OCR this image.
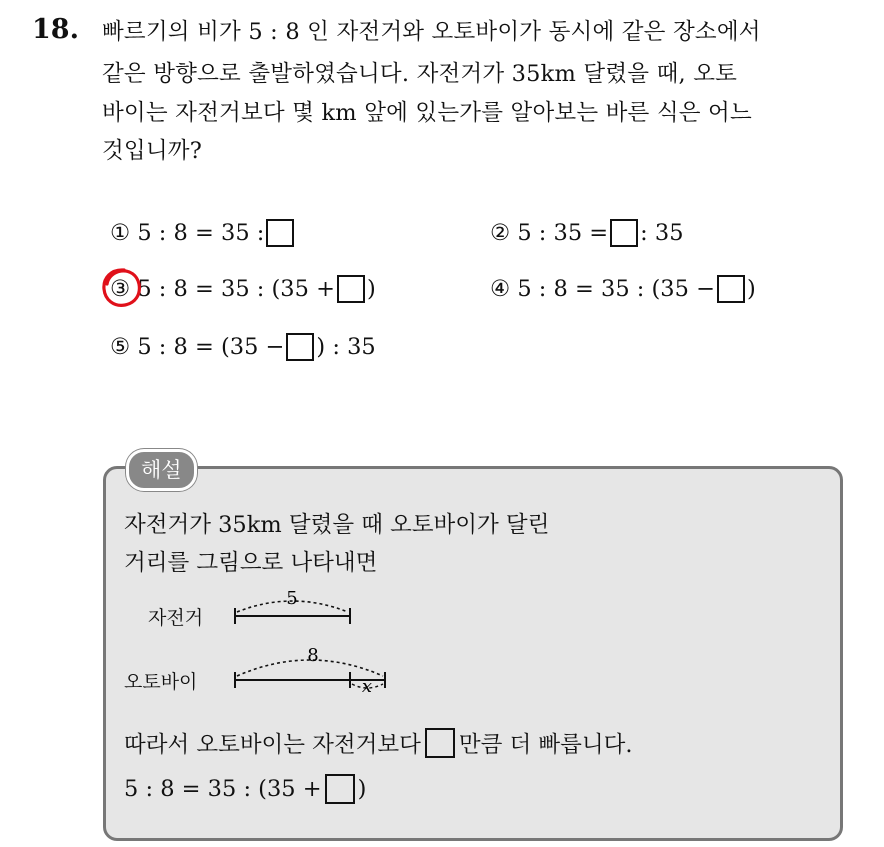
18. 빠르기의 비가 5 : 8 인 자전거와 오토바이가 동시에 같은 장소에서
같은 방향으로 출발하였습니다. 자전거가 35km 달렸을 때, 오토
바이는 자전거보다 몇 km 앞에 있는가를 알아보는 바른 식은 어느
것입니까?
①
5 : 8 = 35 :	②
5 : 35 = : 35
③
5 : 8 = 35 : (35 + )	④
5 : 8 = 35 : (35 − )
⑤
5 : 8 = (35 − ) : 35
해설
자전거가 35km 달렸을 때 오토바이가 달린
거리를 그림으로 나타내면
자전거
오토바이
5
8
x
따라서 오토바이는 자전거보다 만큼 더 빠릅니다.
5 : 8 = 35 : (35 + )
